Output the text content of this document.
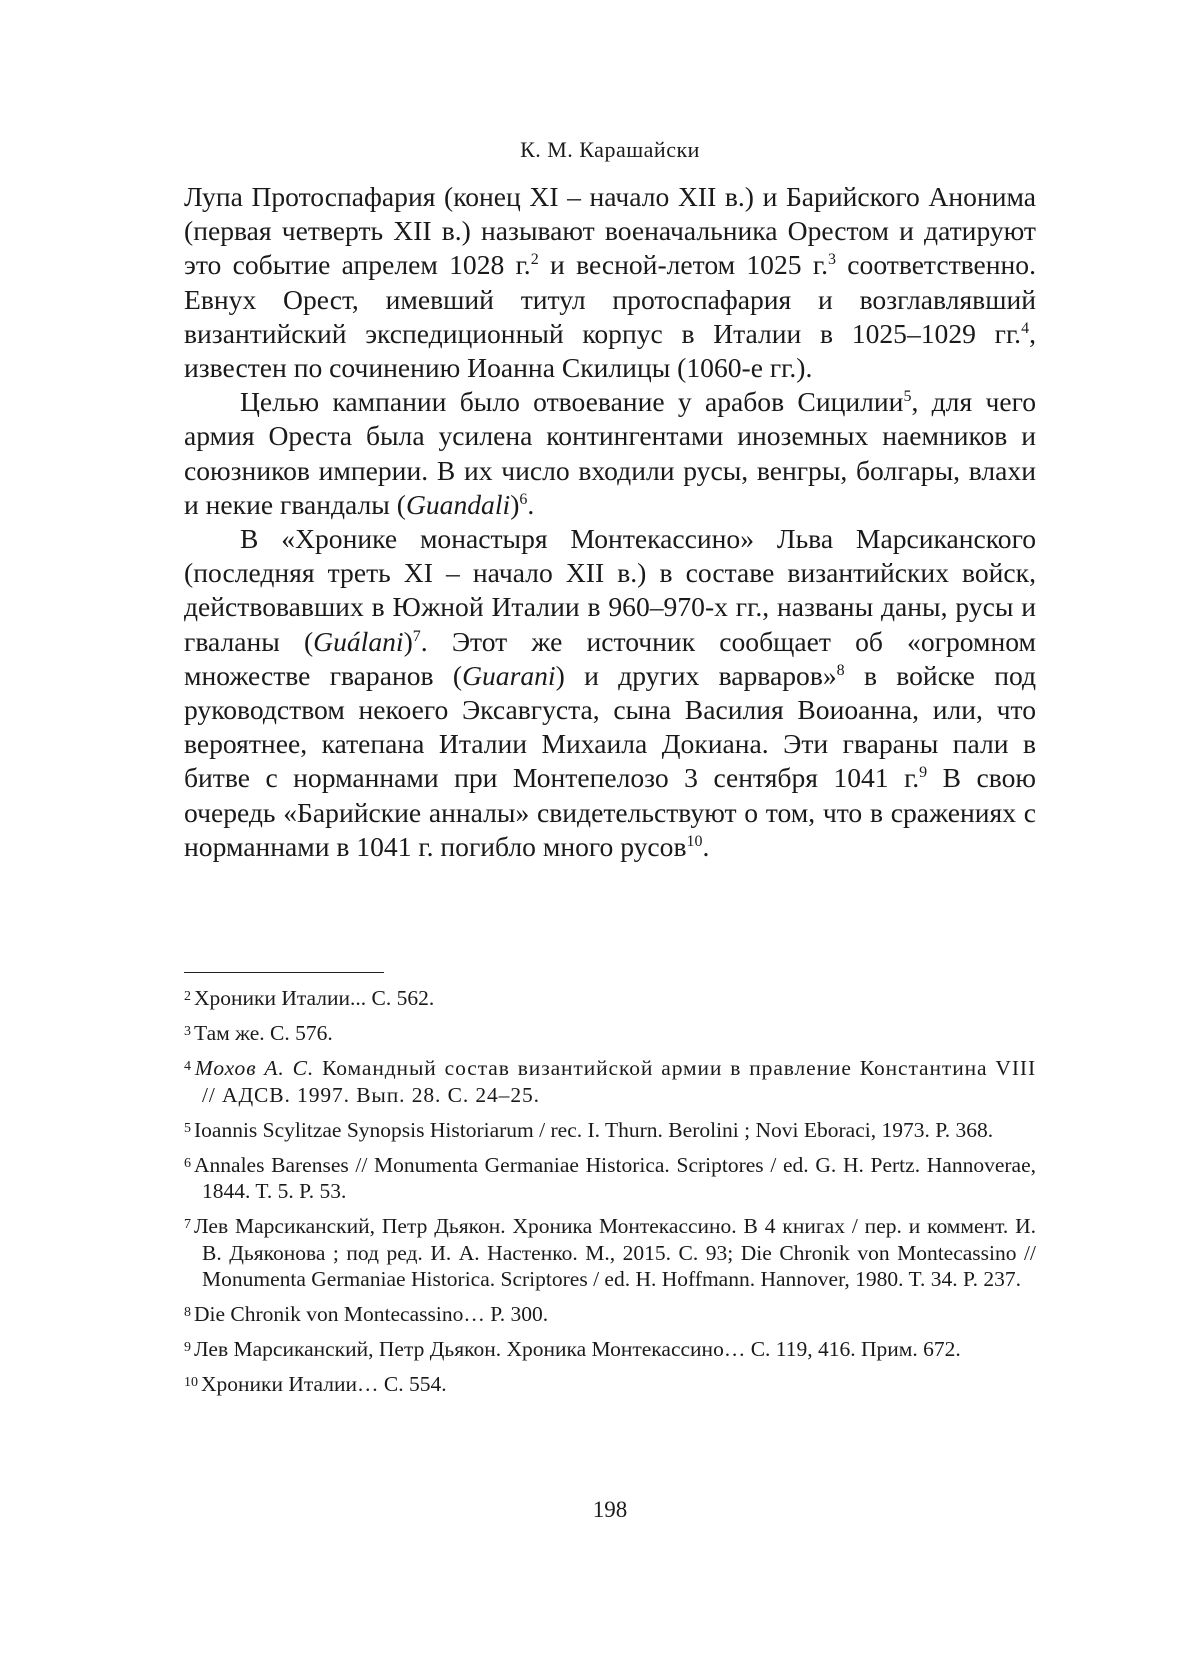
К. М. Карашайски

Лупа Протоспафария (конец XI – начало XII в.) и Барийского Анонима (первая четверть XII в.) называют военачальника Орестом и датируют это событие апрелем 1028 г.$^2$ и весной-летом 1025 г.$^3$ соответственно. Евнух Орест, имевший титул протоспафария и возглавлявший византийский экспедиционный корпус в Италии в 1025–1029 гг.$^4$, известен по сочинению Иоанна Скилицы (1060-е гг.).

Целью кампании было отвоевание у арабов Сицилии$^5$, для чего армия Ореста была усилена контингентами иноземных наемников и союзников империи. В их число входили русы, венгры, болгары, влахи и некие гвандалы (Guandali)$^6$.

В «Хронике монастыря Монтекассино» Льва Марсиканского (последняя треть XI – начало XII в.) в составе византийских войск, действовавших в Южной Италии в 960–970-х гг., названы даны, русы и гваланы (Guálani)$^7$. Этот же источник сообщает об «огромном множестве гваранов (Guarani) и других варваров»$^8$ в войске под руководством некоего Эксавгуста, сына Василия Воиоанна, или, что вероятнее, катепана Италии Михаила Докиана. Эти гвараны пали в битве с норманнами при Монтепелозо 3 сентября 1041 г.$^9$ В свою очередь «Барийские анналы» свидетельствуют о том, что в сражениях с норманнами в 1041 г. погибло много русов$^{10}$.

$^2$ Хроники Италии... С. 562.

$^3$ Там же. С. 576.

$^4$ Мохов А. С. Командный состав византийской армии в правление Константина VIII // АДСВ. 1997. Вып. 28. С. 24–25.

$^5$ Ioannis Scylitzae Synopsis Historiarum / rec. I. Thurn. Berolini ; Novi Eboraci, 1973. P. 368.

$^6$ Annales Barenses // Monumenta Germaniae Historica. Scriptores / ed. G. H. Pertz. Hannoverae, 1844. T. 5. P. 53.

$^7$ Лев Марсиканский, Петр Дьякон. Хроника Монтекассино. В 4 книгах / пер. и коммент. И. В. Дьяконова ; под ред. И. А. Настенко. М., 2015. С. 93; Die Chronik von Montecassino // Monumenta Germaniae Historica. Scriptores / ed. H. Hoffmann. Hannover, 1980. T. 34. P. 237.

$^8$ Die Chronik von Montecassino… P. 300.

$^9$ Лев Марсиканский, Петр Дьякон. Хроника Монтекассино… С. 119, 416. Прим. 672.

$^{10}$ Хроники Италии… С. 554.

198
